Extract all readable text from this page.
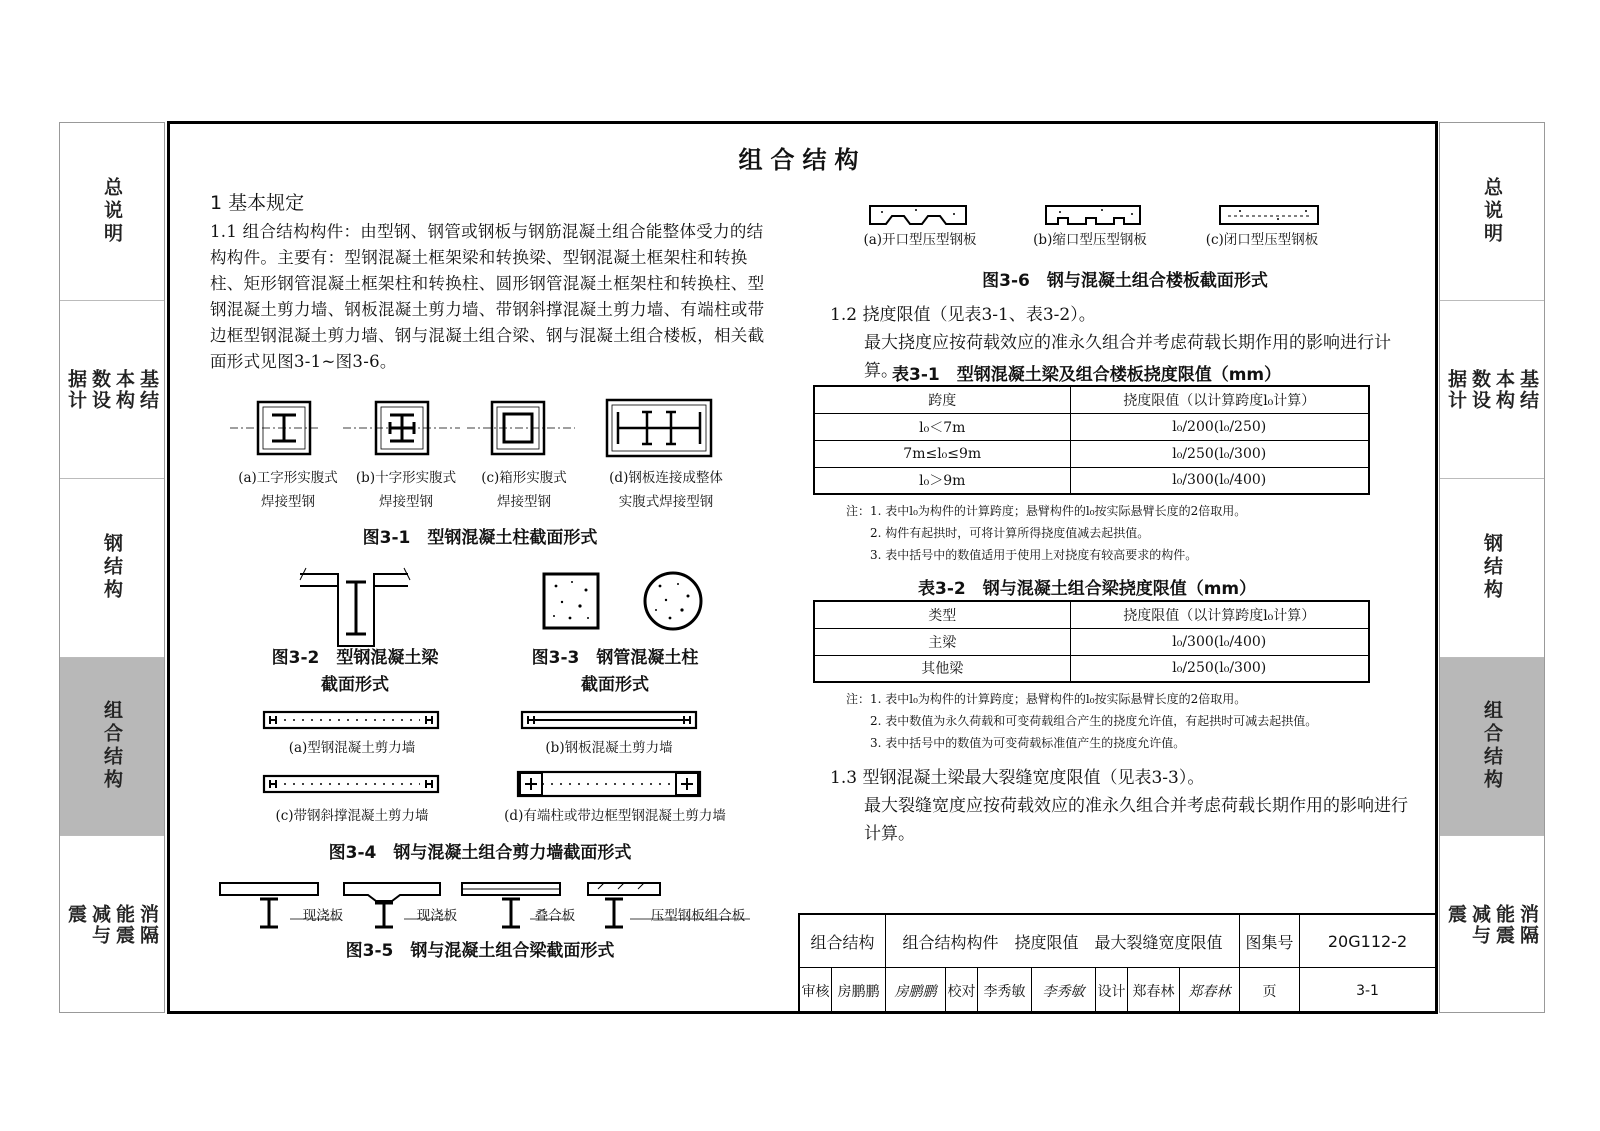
总说明
基结
本构
数设
据计
钢结构
组合结构
消隔
能震
减与
震
总说明
基结
本构
数设
据计
钢结构
组合结构
消隔
能震
减与
震
组合结构
1 基本规定
1.1 组合结构构件：由型钢、钢管或钢板与钢筋混凝土组合能整体受力的结构构件。主要有：型钢混凝土框架梁和转换梁、型钢混凝土框架柱和转换柱、矩形钢管混凝土框架柱和转换柱、圆形钢管混凝土框架柱和转换柱、型钢混凝土剪力墙、钢板混凝土剪力墙、带钢斜撑混凝土剪力墙、有端柱或带边框型钢混凝土剪力墙、钢与混凝土组合梁、钢与混凝土组合楼板，相关截面形式见图3-1~图3-6。
(a)工字形实腹式
焊接型钢
(b)十字形实腹式
焊接型钢
(c)箱形实腹式
焊接型钢
(d)钢板连接成整体
实腹式焊接型钢
图3-1　型钢混凝土柱截面形式
图3-2　型钢混凝土梁
截面形式
图3-3　钢管混凝土柱
截面形式
(a)型钢混凝土剪力墙	(b)钢板混凝土剪力墙
(c)带钢斜撑混凝土剪力墙	(d)有端柱或带边框型钢混凝土剪力墙
图3-4　钢与混凝土组合剪力墙截面形式
现浇板	现浇板	叠合板	压型钢板组合板
图3-5　钢与混凝土组合梁截面形式
(a)开口型压型钢板	(b)缩口型压型钢板	(c)闭口型压型钢板
图3-6　钢与混凝土组合楼板截面形式
1.2 挠度限值（见表3-1、表3-2）。
最大挠度应按荷载效应的准永久组合并考虑荷载长期作用的影响进行计算。
表3-1　型钢混凝土梁及组合楼板挠度限值（mm）
跨度	挠度限值（以计算跨度l₀计算）
l₀＜7m	l₀/200(l₀/250)
7m≤l₀≤9m	l₀/250(l₀/300)
l₀＞9m	l₀/300(l₀/400)
注：1. 表中l₀为构件的计算跨度；悬臂构件的l₀按实际悬臂长度的2倍取用。
2. 构件有起拱时，可将计算所得挠度值减去起拱值。
3. 表中括号中的数值适用于使用上对挠度有较高要求的构件。
表3-2　钢与混凝土组合梁挠度限值（mm）
类型	挠度限值（以计算跨度l₀计算）
主梁	l₀/300(l₀/400)
其他梁	l₀/250(l₀/300)
注：1. 表中l₀为构件的计算跨度；悬臂构件的l₀按实际悬臂长度的2倍取用。
2. 表中数值为永久荷载和可变荷载组合产生的挠度允许值，有起拱时可减去起拱值。
3. 表中括号中的数值为可变荷载标准值产生的挠度允许值。
1.3 型钢混凝土梁最大裂缝宽度限值（见表3-3）。
最大裂缝宽度应按荷载效应的准永久组合并考虑荷载长期作用的影响进行计算。
组合结构	组合结构构件　挠度限值　最大裂缝宽度限值	图集号	20G112-2
审核 房鹏鹏	房鹏鹏 校对 李秀敏	李秀敏 设计 郑春林	郑春林	页	3-1
